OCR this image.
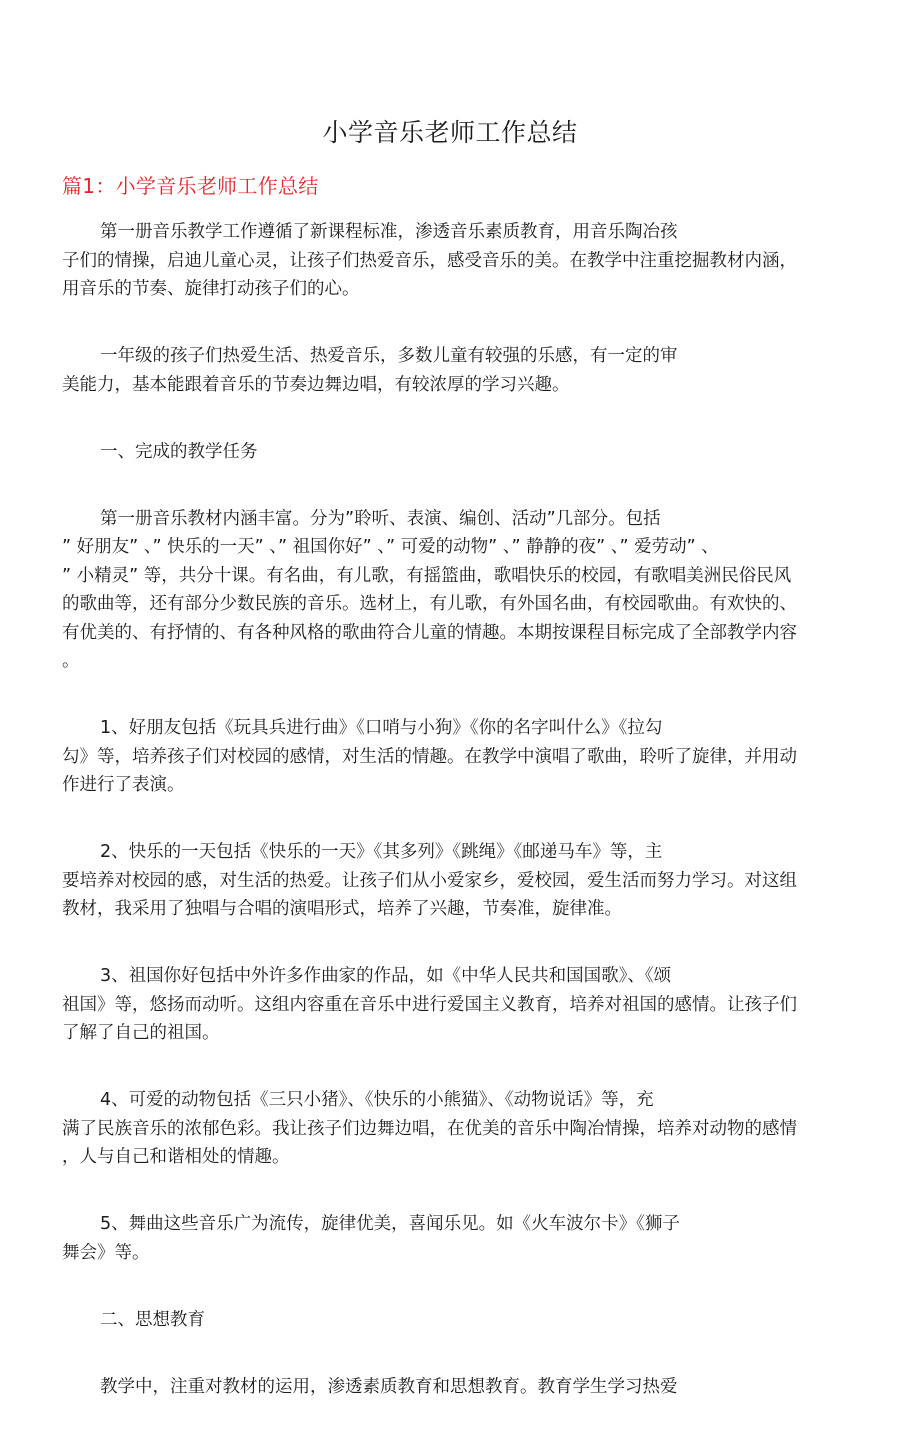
小学音乐老师工作总结
篇1：小学音乐老师工作总结

第一册音乐教学工作遵循了新课程标准，渗透音乐素质教育，用音乐陶冶孩
子们的情操，启迪儿童心灵，让孩子们热爱音乐，感受音乐的美。在教学中注重挖掘教材内涵，
用音乐的节奏、旋律打动孩子们的心。

一年级的孩子们热爱生活、热爱音乐，多数儿童有较强的乐感，有一定的审
美能力，基本能跟着音乐的节奏边舞边唱，有较浓厚的学习兴趣。

一、完成的教学任务

第一册音乐教材内涵丰富。分为”聆听、表演、编创、活动”几部分。包括
” 好朋友” 、” 快乐的一天” 、” 祖国你好” 、” 可爱的动物” 、” 静静的夜” 、” 爱劳动” 、
” 小精灵” 等，共分十课。有名曲，有儿歌，有摇篮曲，歌唱快乐的校园，有歌唱美洲民俗民风
的歌曲等，还有部分少数民族的音乐。选材上，有儿歌，有外国名曲，有校园歌曲。有欢快的、
有优美的、有抒情的、有各种风格的歌曲符合儿童的情趣。本期按课程目标完成了全部教学内容
。

1、好朋友包括《玩具兵进行曲》《口哨与小狗》《你的名字叫什么》《拉勾
勾》等，培养孩子们对校园的感情，对生活的情趣。在教学中演唱了歌曲，聆听了旋律，并用动
作进行了表演。

2、快乐的一天包括《快乐的一天》《其多列》《跳绳》《邮递马车》等，主
要培养对校园的感，对生活的热爱。让孩子们从小爱家乡，爱校园，爱生活而努力学习。对这组
教材，我采用了独唱与合唱的演唱形式，培养了兴趣，节奏准，旋律准。

3、祖国你好包括中外许多作曲家的作品，如《中华人民共和国国歌》、《颂
祖国》等，悠扬而动听。这组内容重在音乐中进行爱国主义教育，培养对祖国的感情。让孩子们
了解了自己的祖国。

4、可爱的动物包括《三只小猪》、《快乐的小熊猫》、《动物说话》等，充
满了民族音乐的浓郁色彩。我让孩子们边舞边唱，在优美的音乐中陶冶情操，培养对动物的感情
，人与自己和谐相处的情趣。

5、舞曲这些音乐广为流传，旋律优美，喜闻乐见。如《火车波尔卡》《狮子
舞会》等。

二、思想教育

教学中，注重对教材的运用，渗透素质教育和思想教育。教育学生学习热爱
